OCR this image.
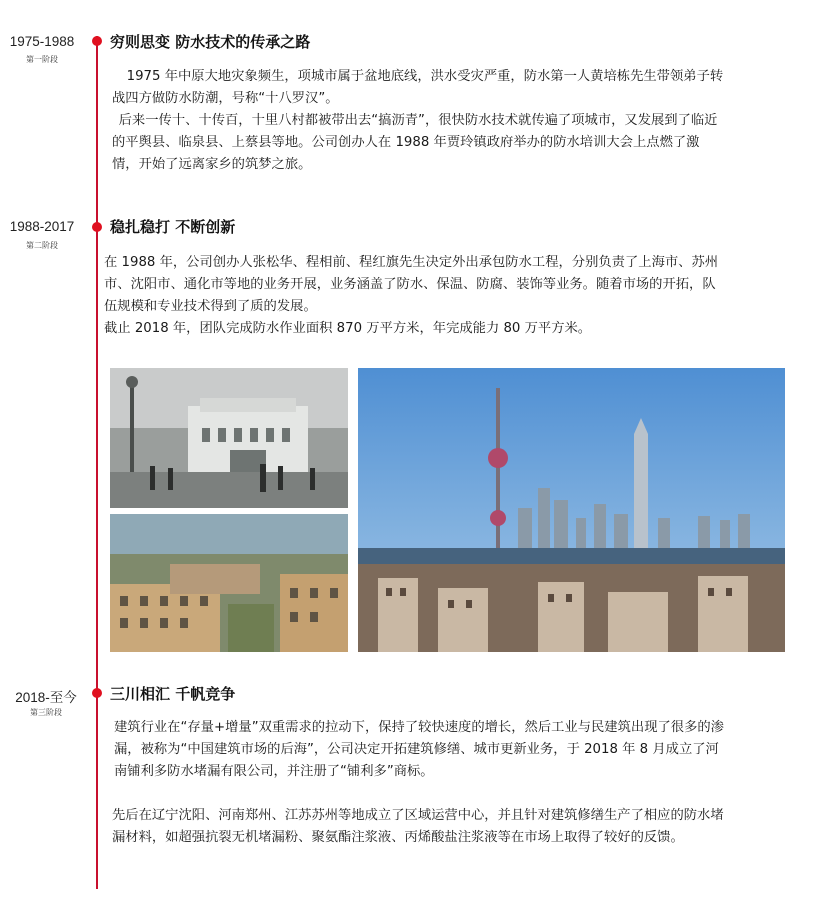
1975-1988
第一阶段
穷则思变 防水技术的传承之路

1975 年中原大地灾象频生，项城市属于盆地底线，洪水受灾严重，防水第一人黄培栋先生带领弟子转战四方做防水防潮，号称“十八罗汉”。

后来一传十、十传百，十里八村都被带出去“搞沥青”，很快防水技术就传遍了项城市，又发展到了临近的平舆县、临泉县、上蔡县等地。公司创办人在 1988 年贾玲镇政府举办的防水培训大会上点燃了激情，开始了远离家乡的筑梦之旅。

1988-2017
第二阶段
稳扎稳打 不断创新

在 1988 年，公司创办人张松华、程相前、程红旗先生决定外出承包防水工程，分别负责了上海市、苏州市、沈阳市、通化市等地的业务开展，业务涵盖了防水、保温、防腐、装饰等业务。随着市场的开拓，队伍规模和专业技术得到了质的发展。

截止 2018 年，团队完成防水作业面积 870 万平方米，年完成能力 80 万平方米。

2018-至今
第三阶段
三川相汇 千帆竞争

建筑行业在“存量+增量”双重需求的拉动下，保持了较快速度的增长，然后工业与民建筑出现了很多的渗漏，被称为“中国建筑市场的后海”，公司决定开拓建筑修缮、城市更新业务，于 2018 年 8 月成立了河南铺利多防水堵漏有限公司，并注册了“铺利多”商标。

先后在辽宁沈阳、河南郑州、江苏苏州等地成立了区域运营中心，并且针对建筑修缮生产了相应的防水堵漏材料，如超强抗裂无机堵漏粉、聚氨酯注浆液、丙烯酸盐注浆液等在市场上取得了较好的反馈。
